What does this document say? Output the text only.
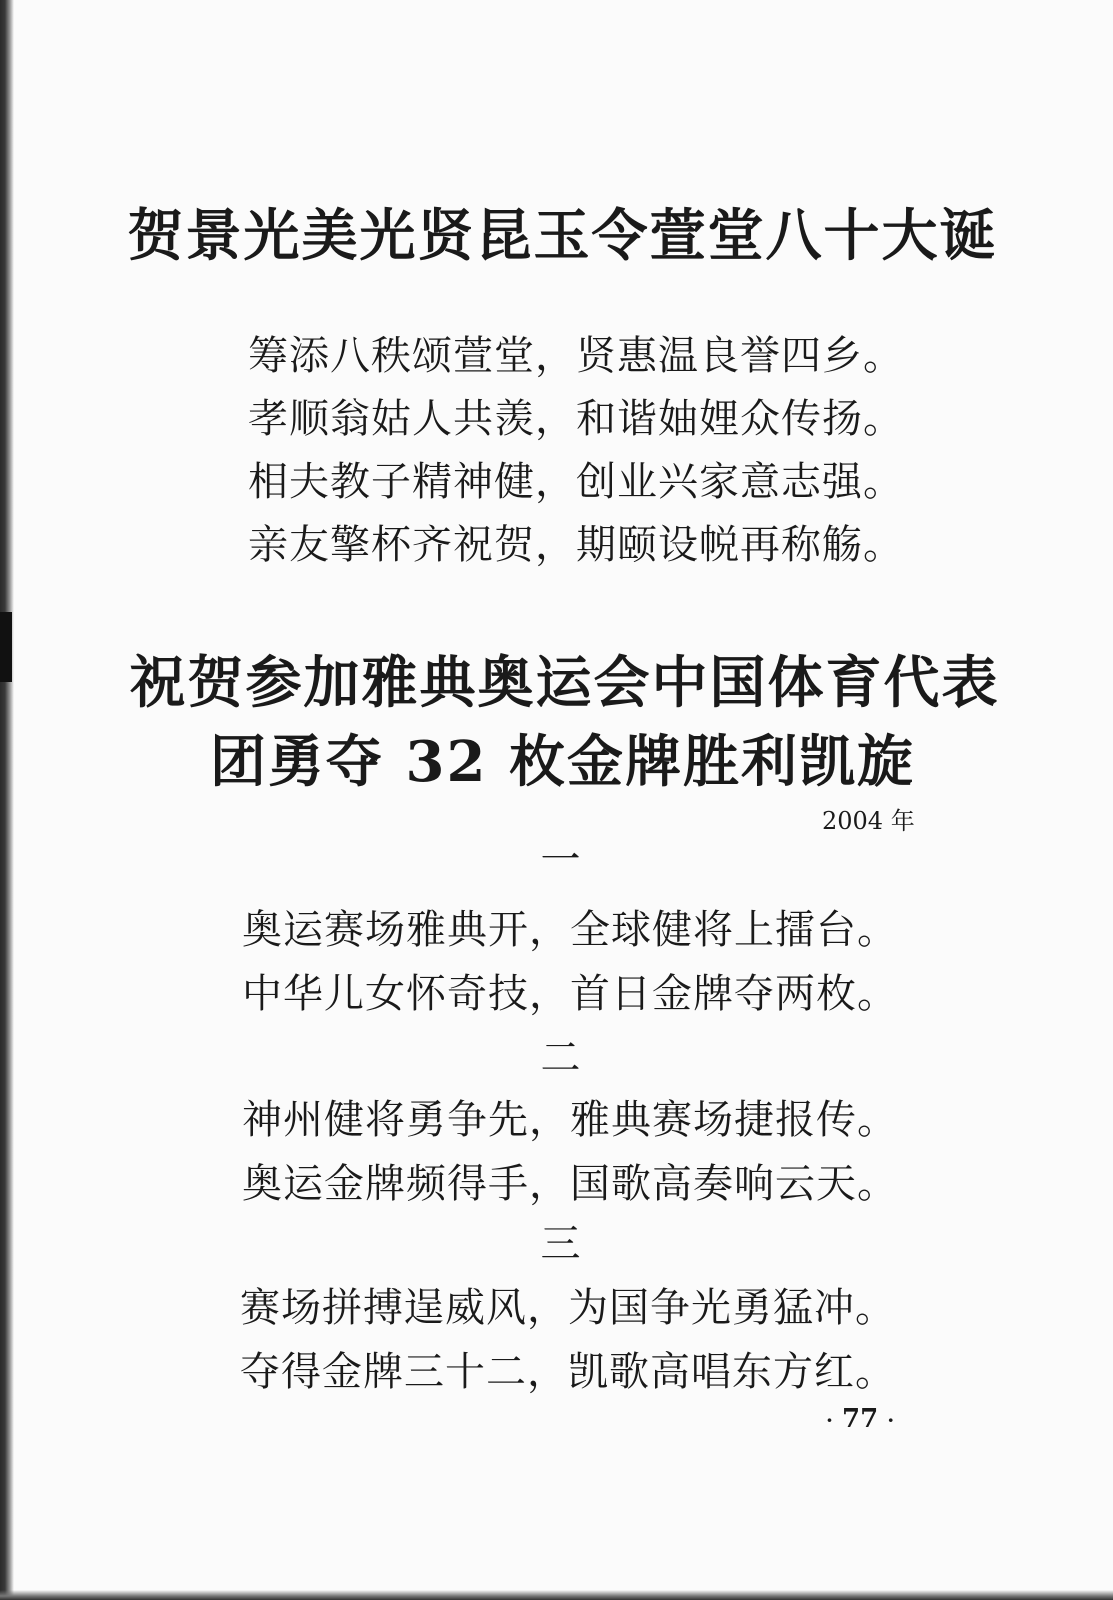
贺景光美光贤昆玉令萱堂八十大诞
筹添八秩颂萱堂，贤惠温良誉四乡。
孝顺翁姑人共羡，和谐妯娌众传扬。
相夫教子精神健，创业兴家意志强。
亲友擎杯齐祝贺，期颐设帨再称觞。
祝贺参加雅典奥运会中国体育代表
团勇夺 32 枚金牌胜利凯旋
2004 年
一
奥运赛场雅典开，全球健将上擂台。
中华儿女怀奇技，首日金牌夺两枚。
二
神州健将勇争先，雅典赛场捷报传。
奥运金牌频得手，国歌高奏响云天。
三
赛场拼搏逞威风，为国争光勇猛冲。
夺得金牌三十二，凯歌高唱东方红。
· 77 ·
